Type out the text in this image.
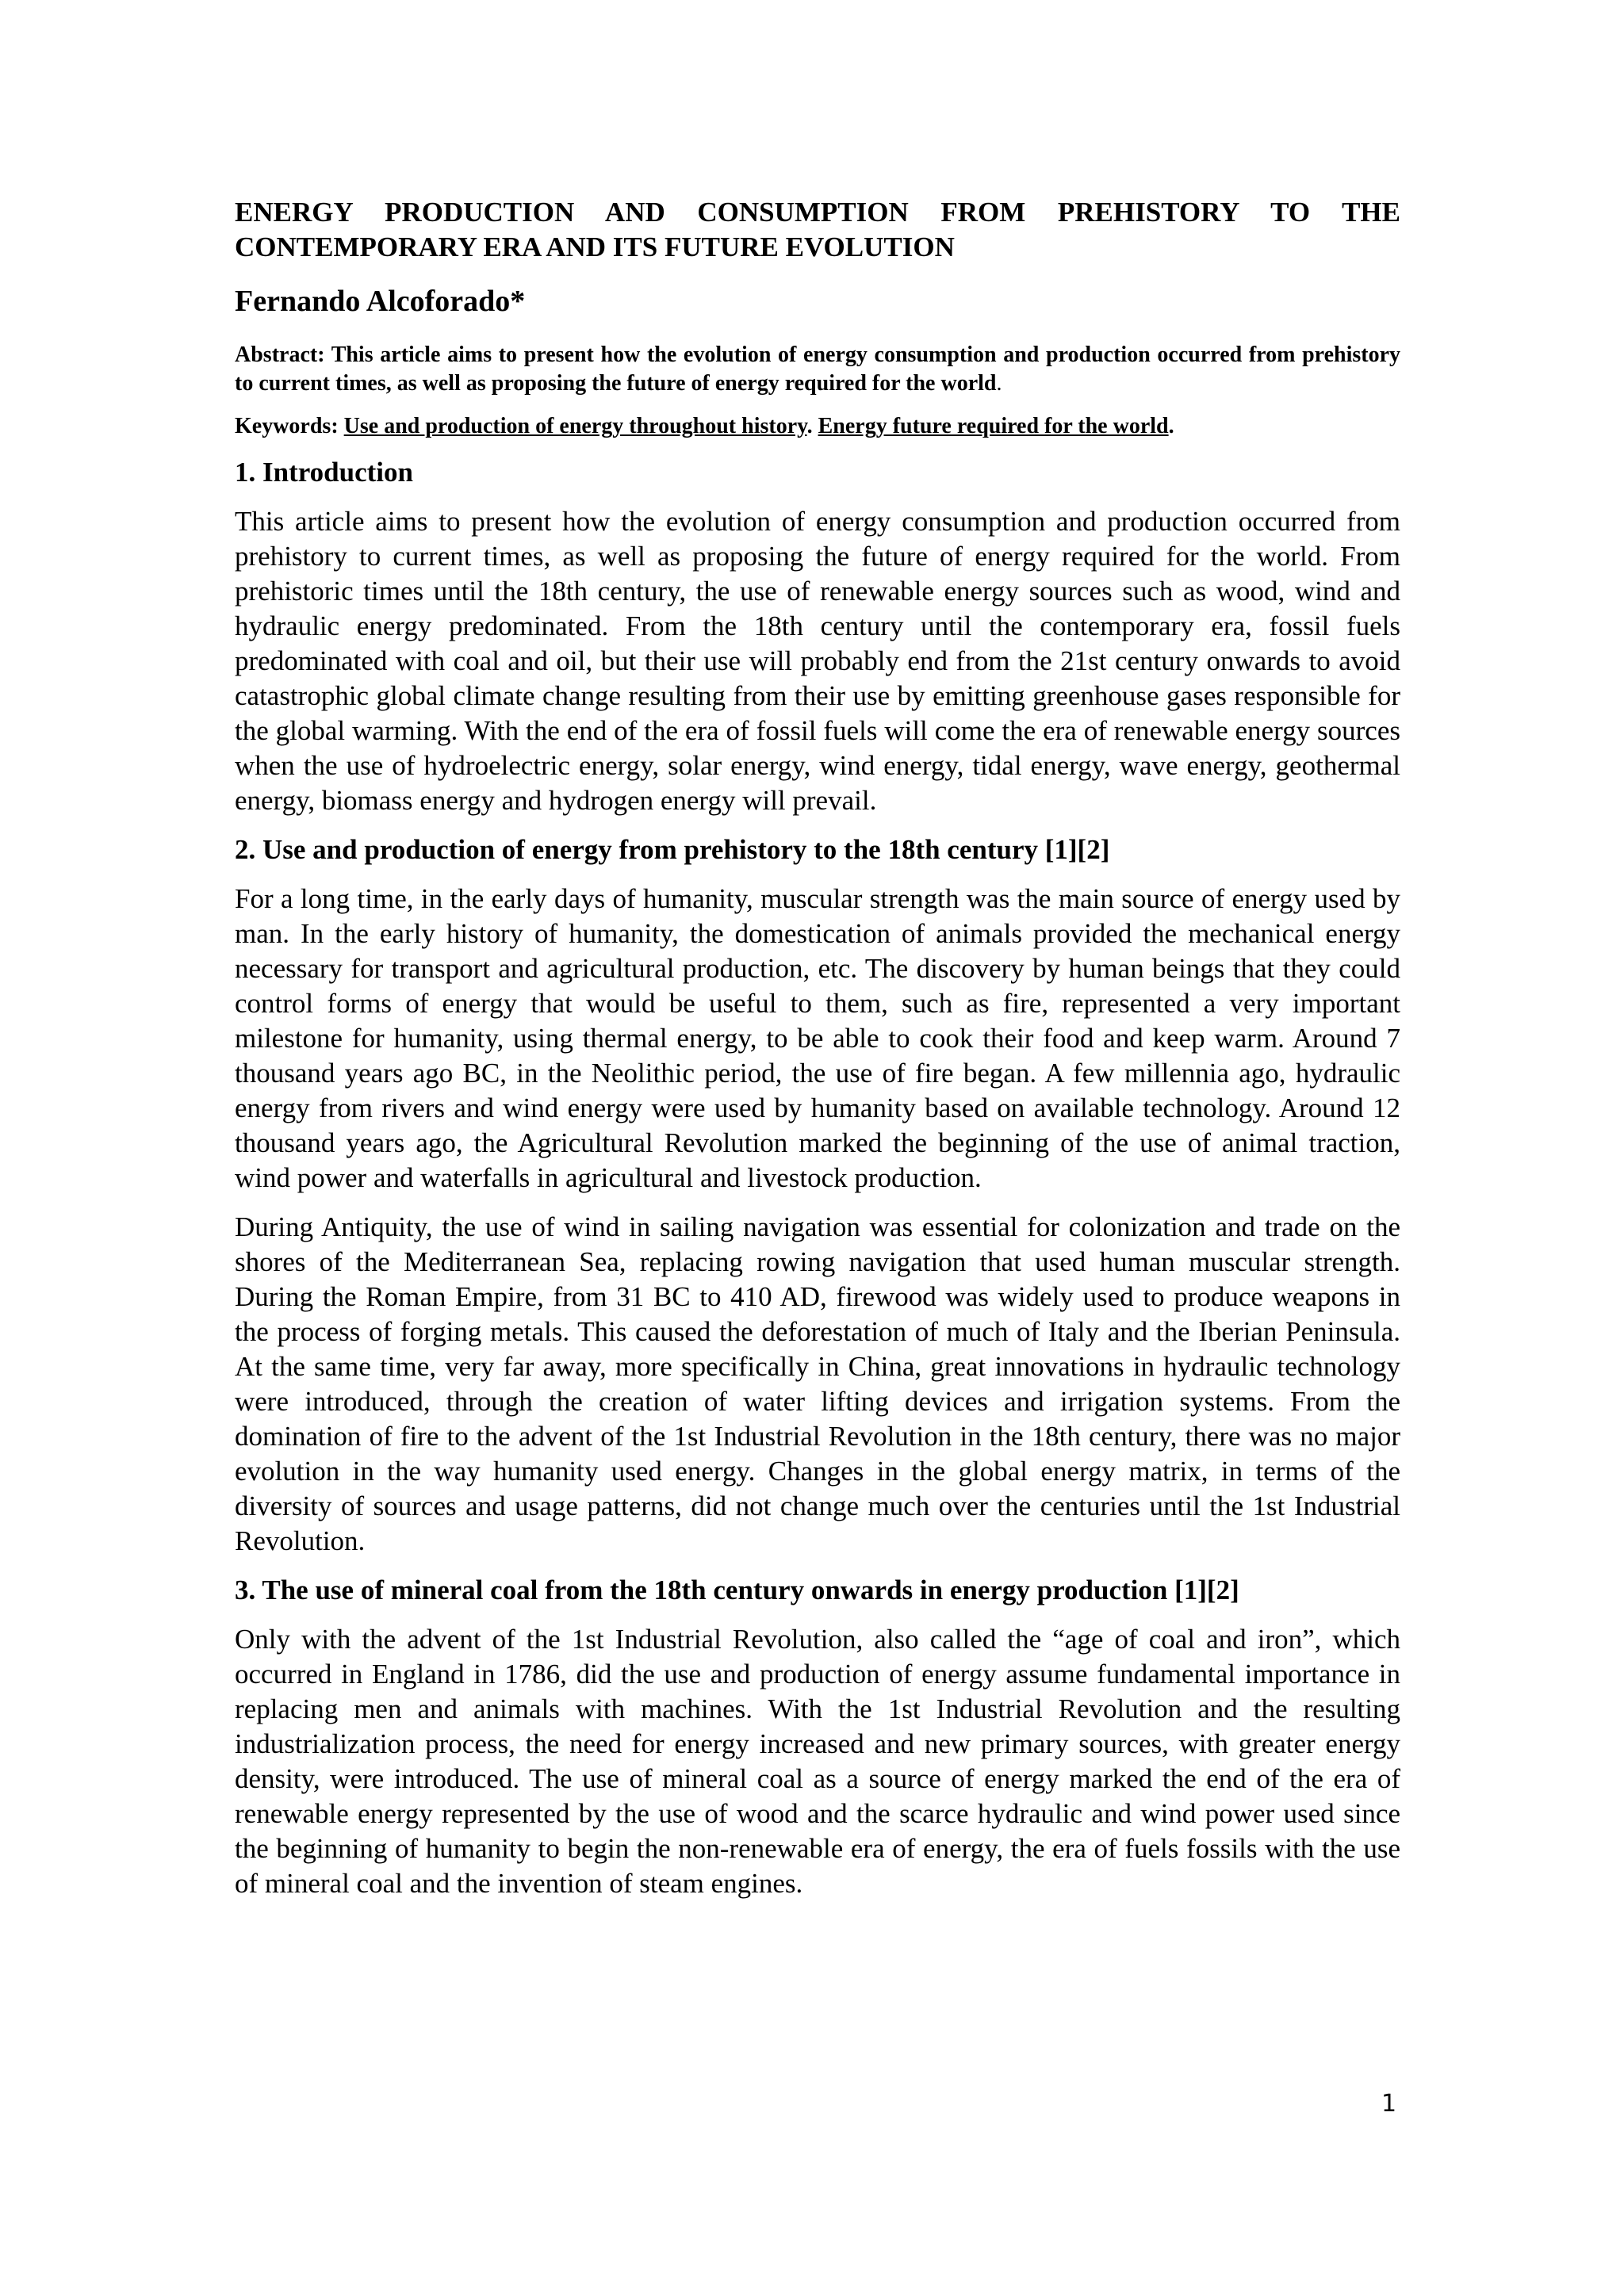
ENERGY PRODUCTION AND CONSUMPTION FROM PREHISTORY TO THE
CONTEMPORARY ERA AND ITS FUTURE EVOLUTION
Fernando Alcoforado*
Abstract: This article aims to present how the evolution of energy consumption and production occurred from prehistory to current times, as well as proposing the future of energy required for the world.
Keywords: Use and production of energy throughout history. Energy future required for the world.
1. Introduction

This article aims to present how the evolution of energy consumption and production occurred from prehistory to current times, as well as proposing the future of energy required for the world. From prehistoric times until the 18th century, the use of renewable energy sources such as wood, wind and hydraulic energy predominated. From the 18th century until the contemporary era, fossil fuels predominated with coal and oil, but their use will probably end from the 21st century onwards to avoid catastrophic global climate change resulting from their use by emitting greenhouse gases responsible for the global warming. With the end of the era of fossil fuels will come the era of renewable energy sources when the use of hydroelectric energy, solar energy, wind energy, tidal energy, wave energy, geothermal energy, biomass energy and hydrogen energy will prevail.

2. Use and production of energy from prehistory to the 18th century [1][2]

For a long time, in the early days of humanity, muscular strength was the main source of energy used by man. In the early history of humanity, the domestication of animals provided the mechanical energy necessary for transport and agricultural production, etc. The discovery by human beings that they could control forms of energy that would be useful to them, such as fire, represented a very important milestone for humanity, using thermal energy, to be able to cook their food and keep warm. Around 7 thousand years ago BC, in the Neolithic period, the use of fire began. A few millennia ago, hydraulic energy from rivers and wind energy were used by humanity based on available technology. Around 12 thousand years ago, the Agricultural Revolution marked the beginning of the use of animal traction, wind power and waterfalls in agricultural and livestock production.

During Antiquity, the use of wind in sailing navigation was essential for colonization and trade on the shores of the Mediterranean Sea, replacing rowing navigation that used human muscular strength. During the Roman Empire, from 31 BC to 410 AD, firewood was widely used to produce weapons in the process of forging metals. This caused the deforestation of much of Italy and the Iberian Peninsula. At the same time, very far away, more specifically in China, great innovations in hydraulic technology were introduced, through the creation of water lifting devices and irrigation systems. From the domination of fire to the advent of the 1st Industrial Revolution in the 18th century, there was no major evolution in the way humanity used energy. Changes in the global energy matrix, in terms of the diversity of sources and usage patterns, did not change much over the centuries until the 1st Industrial Revolution.

3. The use of mineral coal from the 18th century onwards in energy production [1][2]

Only with the advent of the 1st Industrial Revolution, also called the “age of coal and iron”, which occurred in England in 1786, did the use and production of energy assume fundamental importance in replacing men and animals with machines. With the 1st Industrial Revolution and the resulting industrialization process, the need for energy increased and new primary sources, with greater energy density, were introduced. The use of mineral coal as a source of energy marked the end of the era of renewable energy represented by the use of wood and the scarce hydraulic and wind power used since the beginning of humanity to begin the non-renewable era of energy, the era of fuels fossils with the use of mineral coal and the invention of steam engines.

1
